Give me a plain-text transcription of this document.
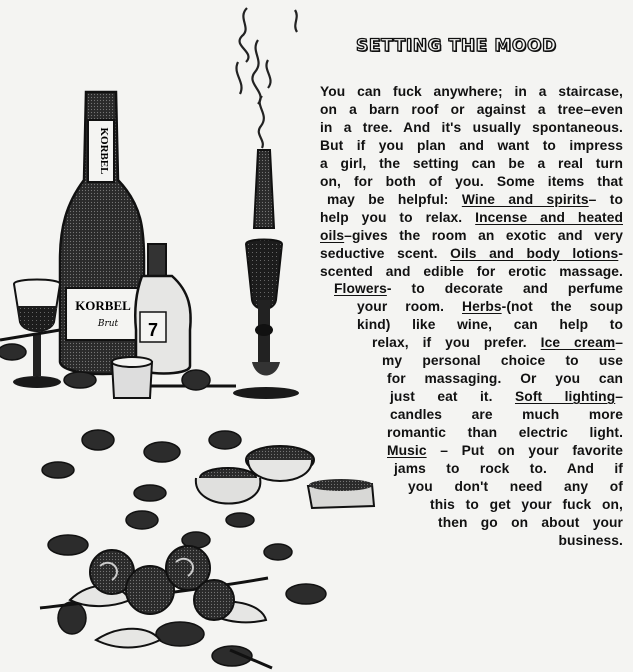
KORBEL
KORBEL
Brut 7
SETTING THE MOOD
You can fuck anywhere; in a staircase,
on a barn roof or against a tree–even
in a tree. And it's usually spontaneous.
But if you plan and want to impress
a girl, the setting can be a real turn
on, for both of you. Some items that
may be helpful: Wine and spirits– to
help you to relax. Incense and heated
oils–gives the room an exotic and very
seductive scent. Oils and body lotions-
scented and edible for erotic massage.
Flowers- to decorate and perfume
your room. Herbs-(not the soup
kind) like wine, can help to
relax, if you prefer. Ice cream–
my personal choice to use
for massaging. Or you can
just eat it. Soft lighting–
candles are much more
romantic than electric light.
Music – Put on your favorite
jams to rock to. And if
you don't need any of
this to get your fuck on,
then go on about your
business.
